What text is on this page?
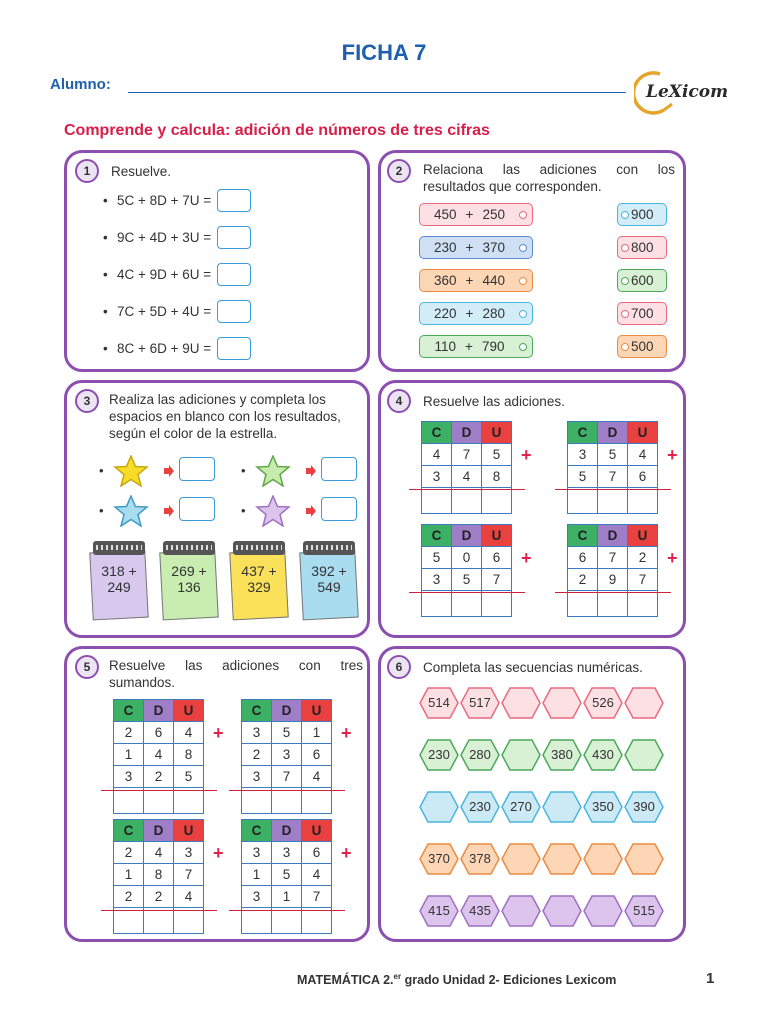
FICHA 7
Alumno:	LeXicom
Comprende y calcula: adición de números de tres cifras
1	Resuelve.
• 5C + 8D + 7U =
• 9C + 4D + 3U =
• 4C + 9D + 6U =
• 7C + 5D + 4U =
• 8C + 6D + 9U =
2	Relaciona las adiciones con los resultados que corresponden.
450 + 250
230 + 370
360 + 440
220 + 280
110 + 790
900
800
600
700
500
3	Realiza las adiciones y completa los espacios en blanco con los resultados, según el color de la estrella.
•	•
•	•
318 +
249
269 +
136
437 +
329
392 +
549
4	Resuelve las adiciones.
C	D	U
4	7	5
3	4	8

+
C	D	U
3	5	4
5	7	6

+
C	D	U
5	0	6
3	5	7

+
C	D	U
6	7	2
2	9	7

+
5	Resuelve las adiciones con tres sumandos.
C	D	U
2	6	4
1	4	8
3	2	5

+
C	D	U
3	5	1
2	3	6
3	7	4

+
C	D	U
2	4	3
1	8	7
2	2	4

+
C	D	U
3	3	6
1	5	4
3	1	7

+
6	Completa las secuencias numéricas.
514	517	526
230	280	380	430
230	270	350	390
370	378
415	435	515
MATEMÁTICA 2.$^{er}$ grado Unidad 2- Ediciones Lexicom	1
